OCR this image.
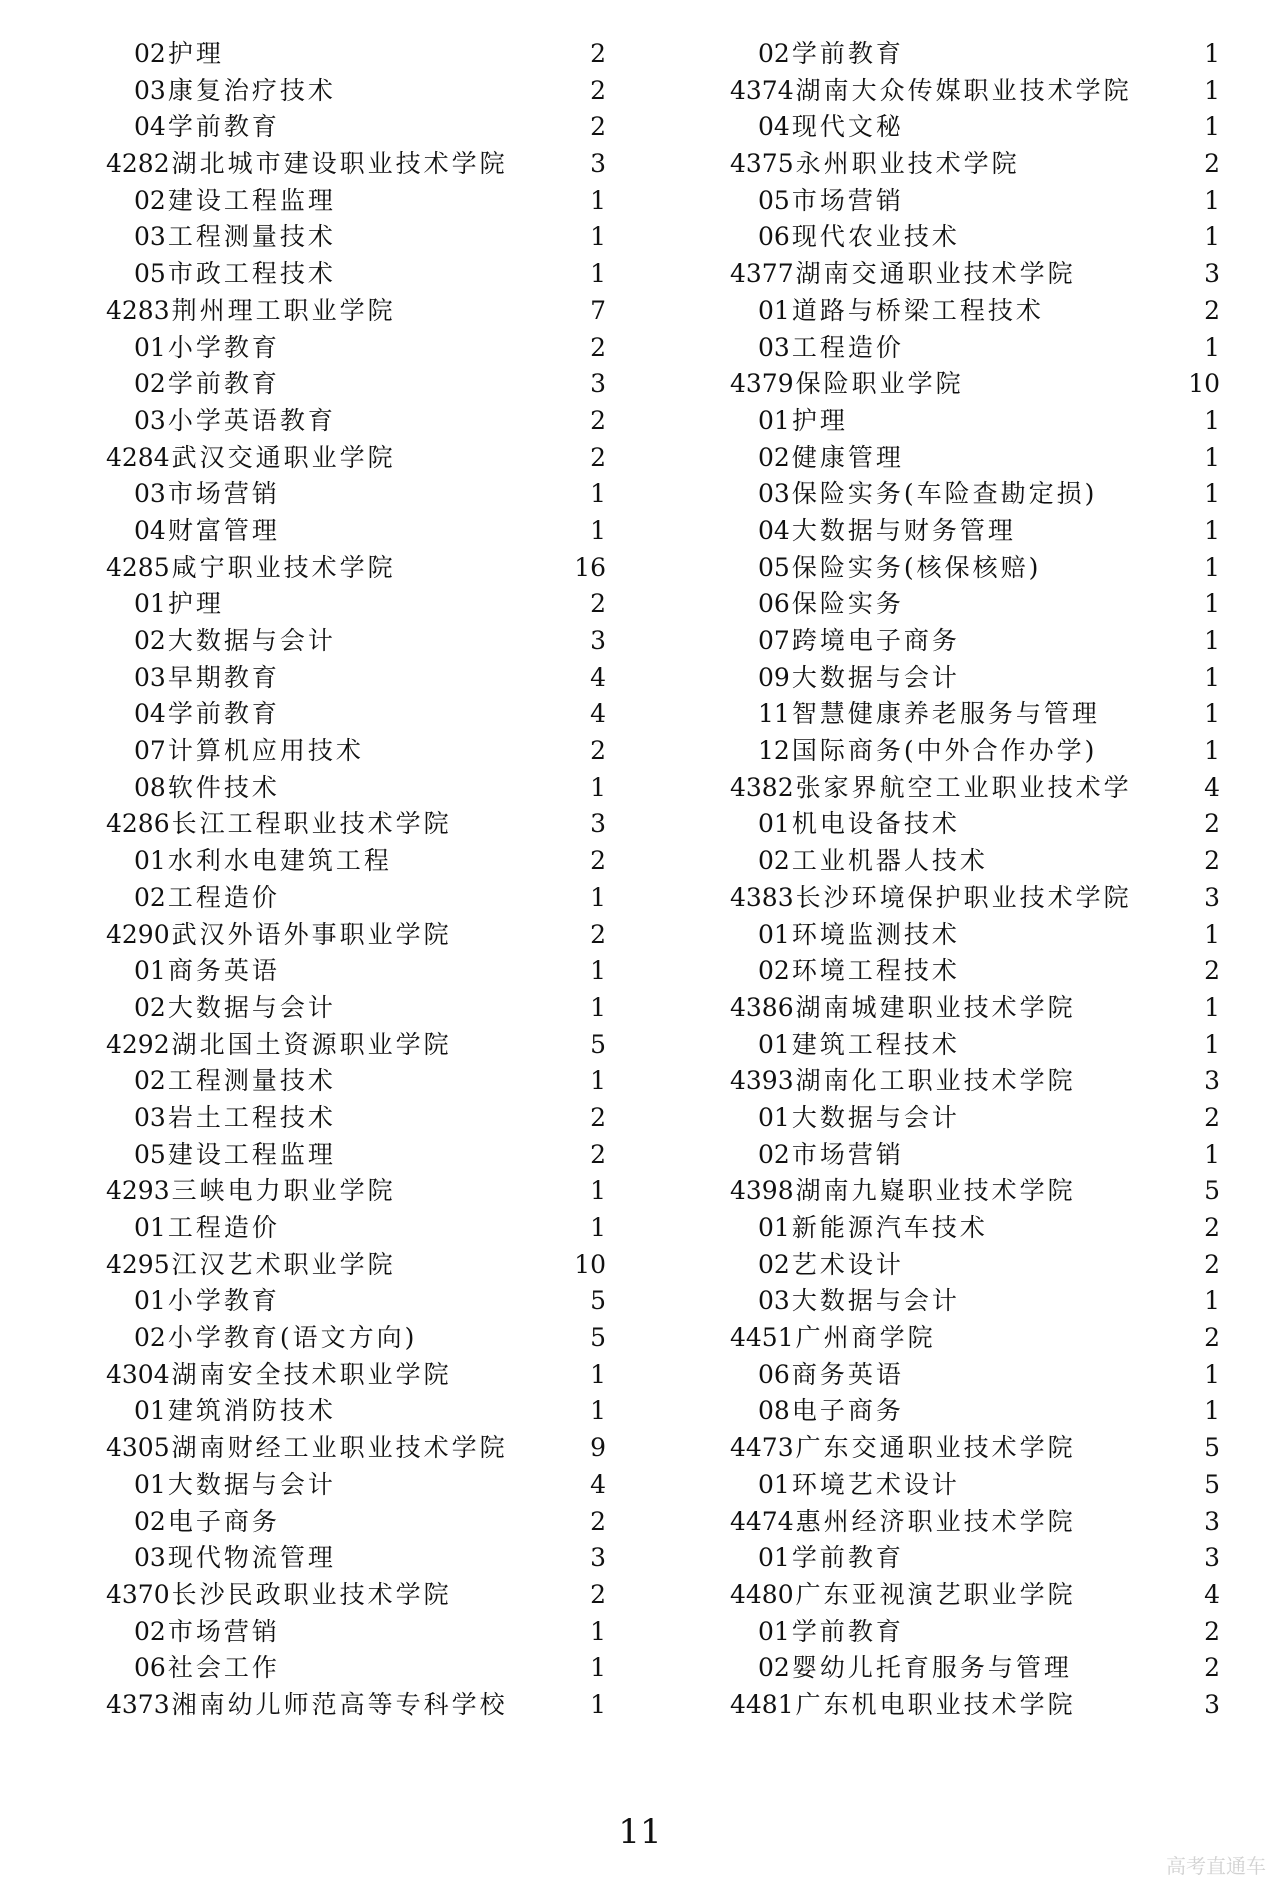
02护理	2
03康复治疗技术	2
04学前教育	2
4282湖北城市建设职业技术学院	3
02建设工程监理	1
03工程测量技术	1
05市政工程技术	1
4283荆州理工职业学院	7
01小学教育	2
02学前教育	3
03小学英语教育	2
4284武汉交通职业学院	2
03市场营销	1
04财富管理	1
4285咸宁职业技术学院	16
01护理	2
02大数据与会计	3
03早期教育	4
04学前教育	4
07计算机应用技术	2
08软件技术	1
4286长江工程职业技术学院	3
01水利水电建筑工程	2
02工程造价	1
4290武汉外语外事职业学院	2
01商务英语	1
02大数据与会计	1
4292湖北国土资源职业学院	5
02工程测量技术	1
03岩土工程技术	2
05建设工程监理	2
4293三峡电力职业学院	1
01工程造价	1
4295江汉艺术职业学院	10
01小学教育	5
02小学教育(语文方向)	5
4304湖南安全技术职业学院	1
01建筑消防技术	1
4305湖南财经工业职业技术学院	9
01大数据与会计	4
02电子商务	2
03现代物流管理	3
4370长沙民政职业技术学院	2
02市场营销	1
06社会工作	1
4373湘南幼儿师范高等专科学校	1
02学前教育	1
4374湖南大众传媒职业技术学院	1
04现代文秘	1
4375永州职业技术学院	2
05市场营销	1
06现代农业技术	1
4377湖南交通职业技术学院	3
01道路与桥梁工程技术	2
03工程造价	1
4379保险职业学院	10
01护理	1
02健康管理	1
03保险实务(车险查勘定损)	1
04大数据与财务管理	1
05保险实务(核保核赔)	1
06保险实务	1
07跨境电子商务	1
09大数据与会计	1
11智慧健康养老服务与管理	1
12国际商务(中外合作办学)	1
4382张家界航空工业职业技术学	4
01机电设备技术	2
02工业机器人技术	2
4383长沙环境保护职业技术学院	3
01环境监测技术	1
02环境工程技术	2
4386湖南城建职业技术学院	1
01建筑工程技术	1
4393湖南化工职业技术学院	3
01大数据与会计	2
02市场营销	1
4398湖南九嶷职业技术学院	5
01新能源汽车技术	2
02艺术设计	2
03大数据与会计	1
4451广州商学院	2
06商务英语	1
08电子商务	1
4473广东交通职业技术学院	5
01环境艺术设计	5
4474惠州经济职业技术学院	3
01学前教育	3
4480广东亚视演艺职业学院	4
01学前教育	2
02婴幼儿托育服务与管理	2
4481广东机电职业技术学院	3
11
高考直通车
